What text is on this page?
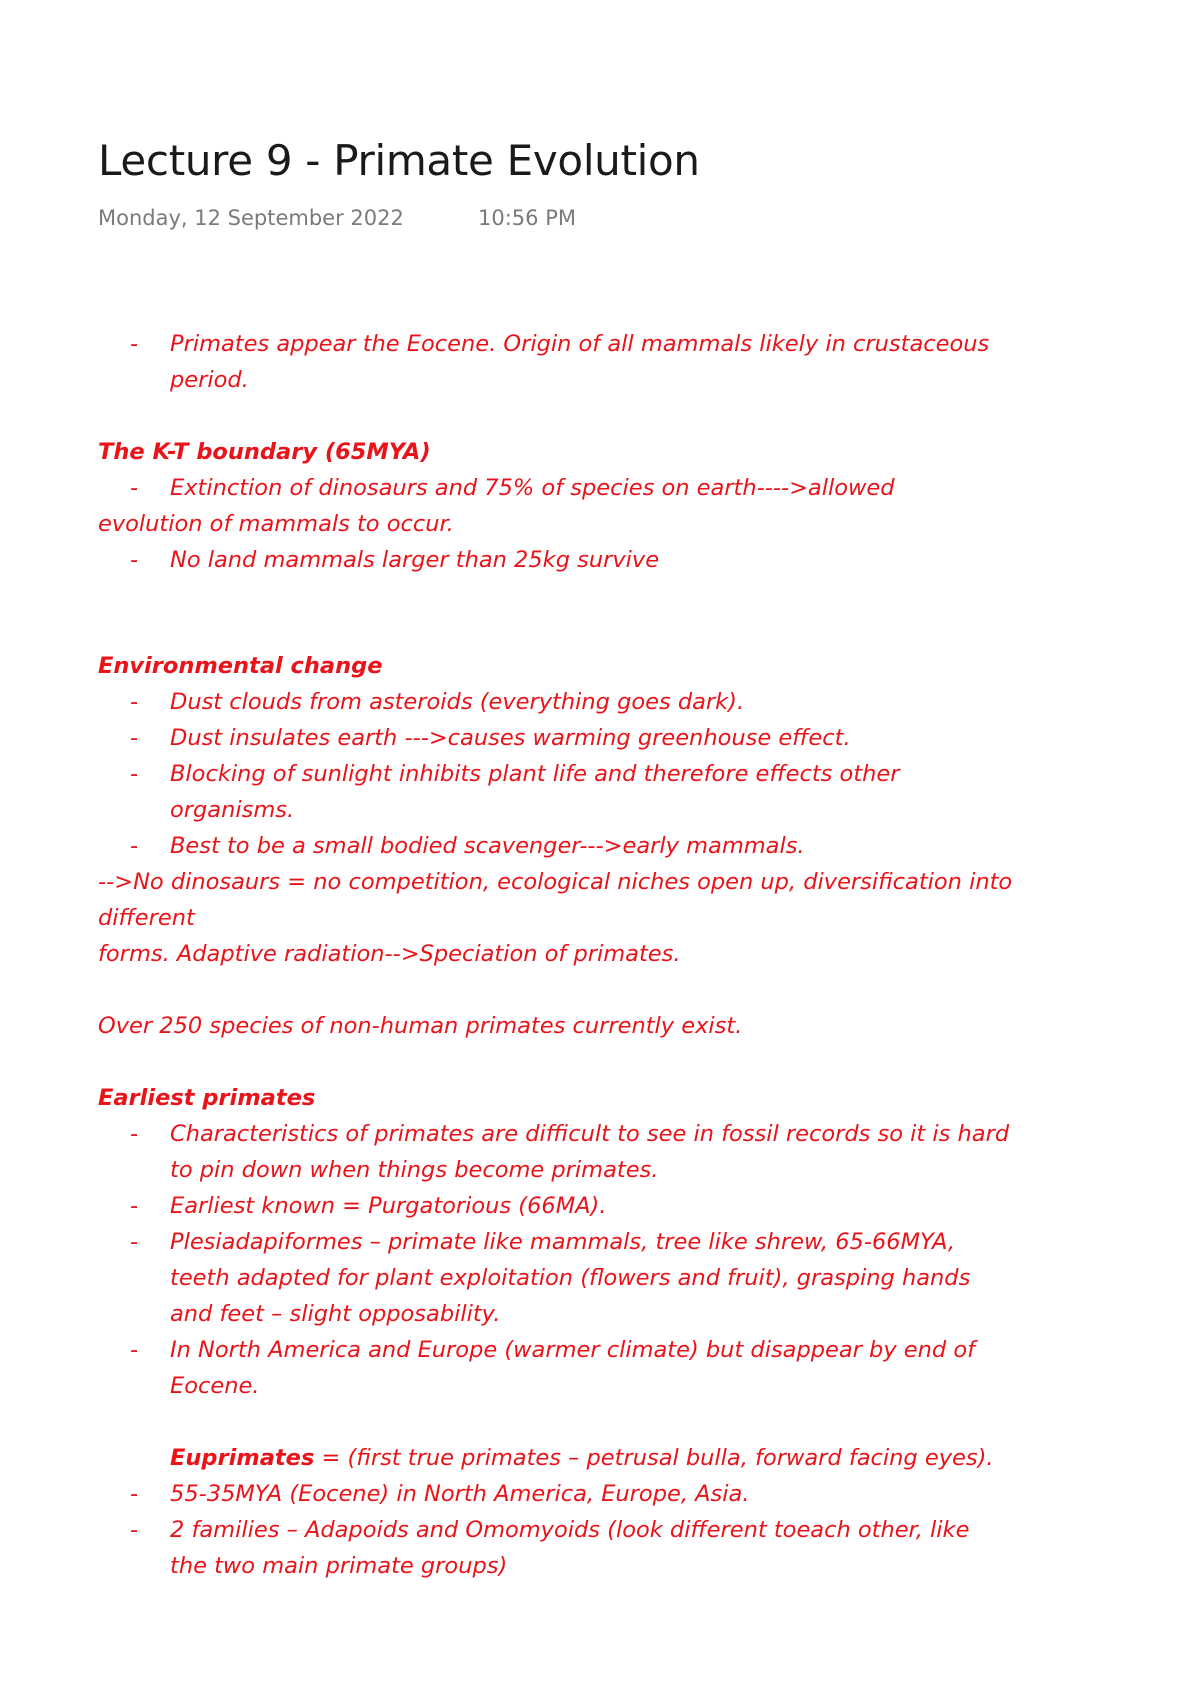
Lecture 9 - Primate Evolution
Monday, 12 September 2022	10:56 PM
- Primates appear the Eocene. Origin of all mammals likely in crustaceous
period.
The K-T boundary (65MYA)
- Extinction of dinosaurs and 75% of species on earth---->allowed
evolution of mammals to occur.
- No land mammals larger than 25kg survive
Environmental change
- Dust clouds from asteroids (everything goes dark).
- Dust insulates earth --->causes warming greenhouse effect.
- Blocking of sunlight inhibits plant life and therefore effects other
organisms.
- Best to be a small bodied scavenger--->early mammals.
-->No dinosaurs = no competition, ecological niches open up, diversification into
different
forms. Adaptive radiation-->Speciation of primates.
Over 250 species of non-human primates currently exist.
Earliest primates
- Characteristics of primates are difficult to see in fossil records so it is hard
to pin down when things become primates.
- Earliest known = Purgatorious (66MA).
- Plesiadapiformes – primate like mammals, tree like shrew, 65-66MYA,
teeth adapted for plant exploitation (flowers and fruit), grasping hands
and feet – slight opposability.
- In North America and Europe (warmer climate) but disappear by end of
Eocene.
Euprimates = (first true primates – petrusal bulla, forward facing eyes).
- 55-35MYA (Eocene) in North America, Europe, Asia.
- 2 families – Adapoids and Omomyoids (look different toeach other, like
the two main primate groups)
